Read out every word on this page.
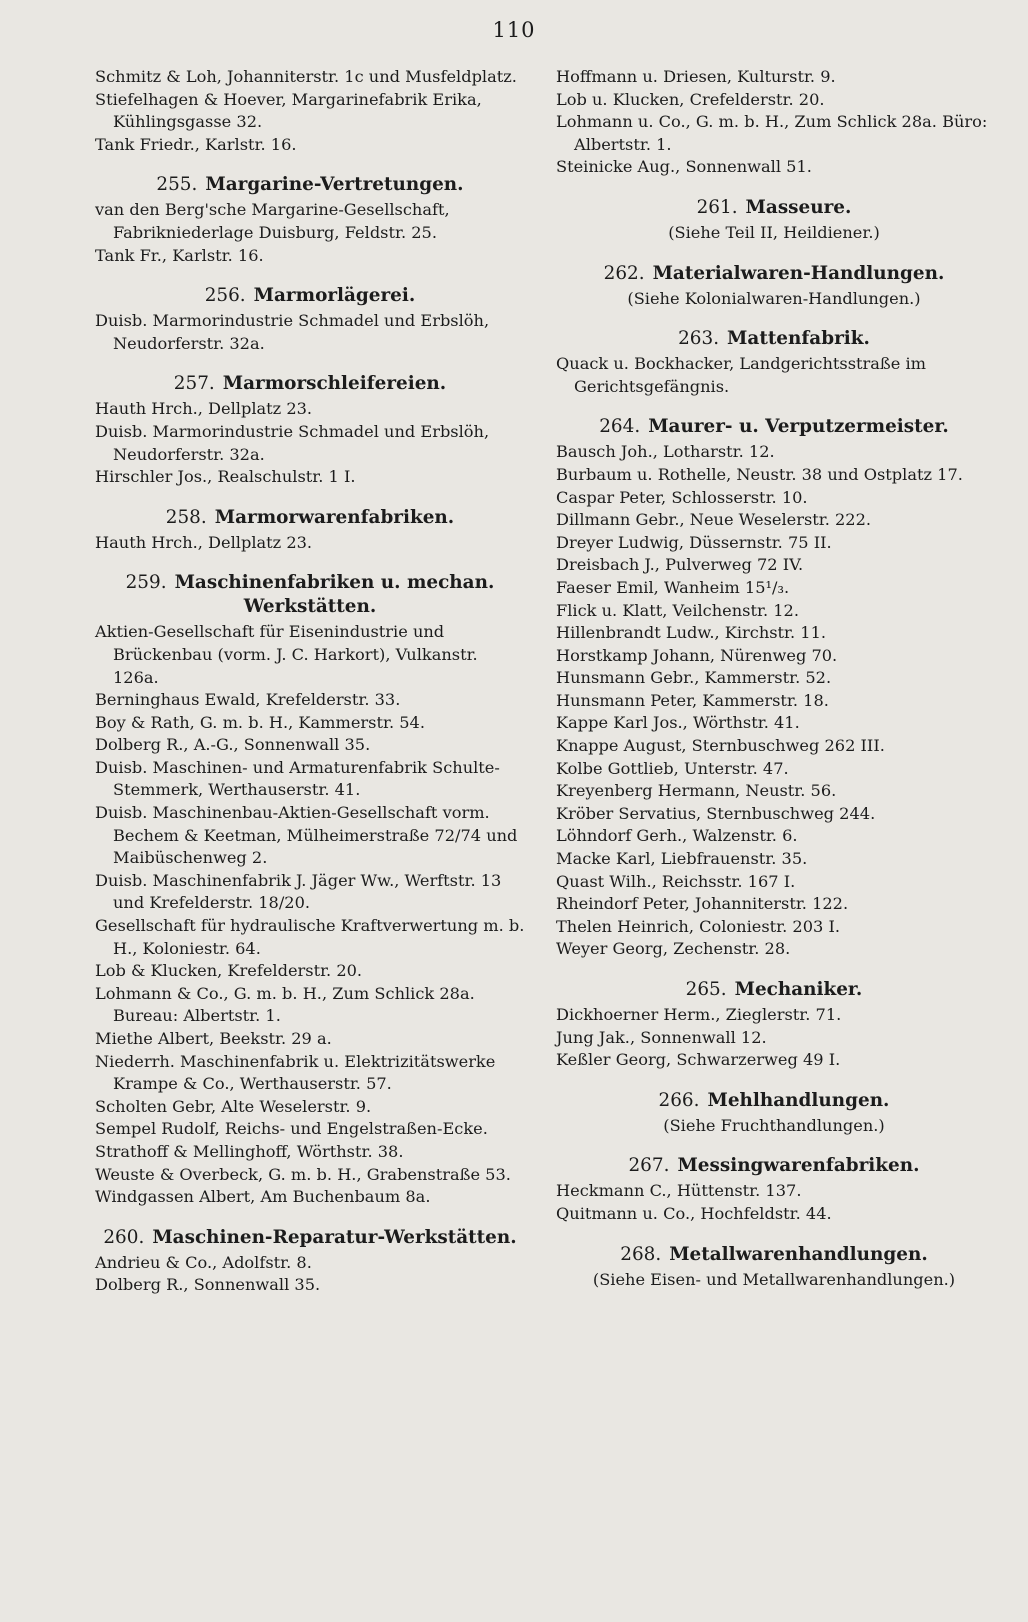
110

Schmitz & Loh, Johanniterstr. 1c und Musfeldplatz.

Stiefelhagen & Hoever, Margarinefabrik Erika, Kühlingsgasse 32.

Tank Friedr., Karlstr. 16.

255. Margarine-Vertretungen.

van den Berg'sche Margarine-Gesellschaft, Fabrikniederlage Duisburg, Feldstr. 25.

Tank Fr., Karlstr. 16.

256. Marmorlägerei.

Duisb. Marmorindustrie Schmadel und Erbslöh, Neudorferstr. 32a.

257. Marmorschleifereien.

Hauth Hrch., Dellplatz 23.

Duisb. Marmorindustrie Schmadel und Erbslöh, Neudorferstr. 32a.

Hirschler Jos., Realschulstr. 1 I.

258. Marmorwarenfabriken.

Hauth Hrch., Dellplatz 23.

259. Maschinenfabriken u. mechan. Werkstätten.

Aktien-Gesellschaft für Eisenindustrie und Brückenbau (vorm. J. C. Harkort), Vulkanstr. 126a.

Berninghaus Ewald, Krefelderstr. 33.

Boy & Rath, G. m. b. H., Kammerstr. 54.

Dolberg R., A.-G., Sonnenwall 35.

Duisb. Maschinen- und Armaturenfabrik Schulte-Stemmerk, Werthauserstr. 41.

Duisb. Maschinenbau-Aktien-Gesellschaft vorm. Bechem & Keetman, Mülheimerstraße 72/74 und Maibüschenweg 2.

Duisb. Maschinenfabrik J. Jäger Ww., Werftstr. 13 und Krefelderstr. 18/20.

Gesellschaft für hydraulische Kraftverwertung m. b. H., Koloniestr. 64.

Lob & Klucken, Krefelderstr. 20.

Lohmann & Co., G. m. b. H., Zum Schlick 28a. Bureau: Albertstr. 1.

Miethe Albert, Beekstr. 29 a.

Niederrh. Maschinenfabrik u. Elektrizitätswerke Krampe & Co., Werthauserstr. 57.

Scholten Gebr, Alte Weselerstr. 9.

Sempel Rudolf, Reichs- und Engelstraßen-Ecke.

Strathoff & Mellinghoff, Wörthstr. 38.

Weuste & Overbeck, G. m. b. H., Grabenstraße 53.

Windgassen Albert, Am Buchenbaum 8a.

260. Maschinen-Reparatur-Werkstätten.

Andrieu & Co., Adolfstr. 8.

Dolberg R., Sonnenwall 35.

Hoffmann u. Driesen, Kulturstr. 9.

Lob u. Klucken, Crefelderstr. 20.

Lohmann u. Co., G. m. b. H., Zum Schlick 28a. Büro: Albertstr. 1.

Steinicke Aug., Sonnenwall 51.

261. Masseure.

(Siehe Teil II, Heildiener.)

262. Materialwaren-Handlungen.

(Siehe Kolonialwaren-Handlungen.)

263. Mattenfabrik.

Quack u. Bockhacker, Landgerichtsstraße im Gerichtsgefängnis.

264. Maurer- u. Verputzermeister.

Bausch Joh., Lotharstr. 12.

Burbaum u. Rothelle, Neustr. 38 und Ostplatz 17.

Caspar Peter, Schlosserstr. 10.

Dillmann Gebr., Neue Weselerstr. 222.

Dreyer Ludwig, Düssernstr. 75 II.

Dreisbach J., Pulverweg 72 IV.

Faeser Emil, Wanheim 15¹/₃.

Flick u. Klatt, Veilchenstr. 12.

Hillenbrandt Ludw., Kirchstr. 11.

Horstkamp Johann, Nürenweg 70.

Hunsmann Gebr., Kammerstr. 52.

Hunsmann Peter, Kammerstr. 18.

Kappe Karl Jos., Wörthstr. 41.

Knappe August, Sternbuschweg 262 III.

Kolbe Gottlieb, Unterstr. 47.

Kreyenberg Hermann, Neustr. 56.

Kröber Servatius, Sternbuschweg 244.

Löhndorf Gerh., Walzenstr. 6.

Macke Karl, Liebfrauenstr. 35.

Quast Wilh., Reichsstr. 167 I.

Rheindorf Peter, Johanniterstr. 122.

Thelen Heinrich, Coloniestr. 203 I.

Weyer Georg, Zechenstr. 28.

265. Mechaniker.

Dickhoerner Herm., Zieglerstr. 71.

Jung Jak., Sonnenwall 12.

Keßler Georg, Schwarzerweg 49 I.

266. Mehlhandlungen.

(Siehe Fruchthandlungen.)

267. Messingwarenfabriken.

Heckmann C., Hüttenstr. 137.

Quitmann u. Co., Hochfeldstr. 44.

268. Metallwarenhandlungen.

(Siehe Eisen- und Metallwarenhandlungen.)
